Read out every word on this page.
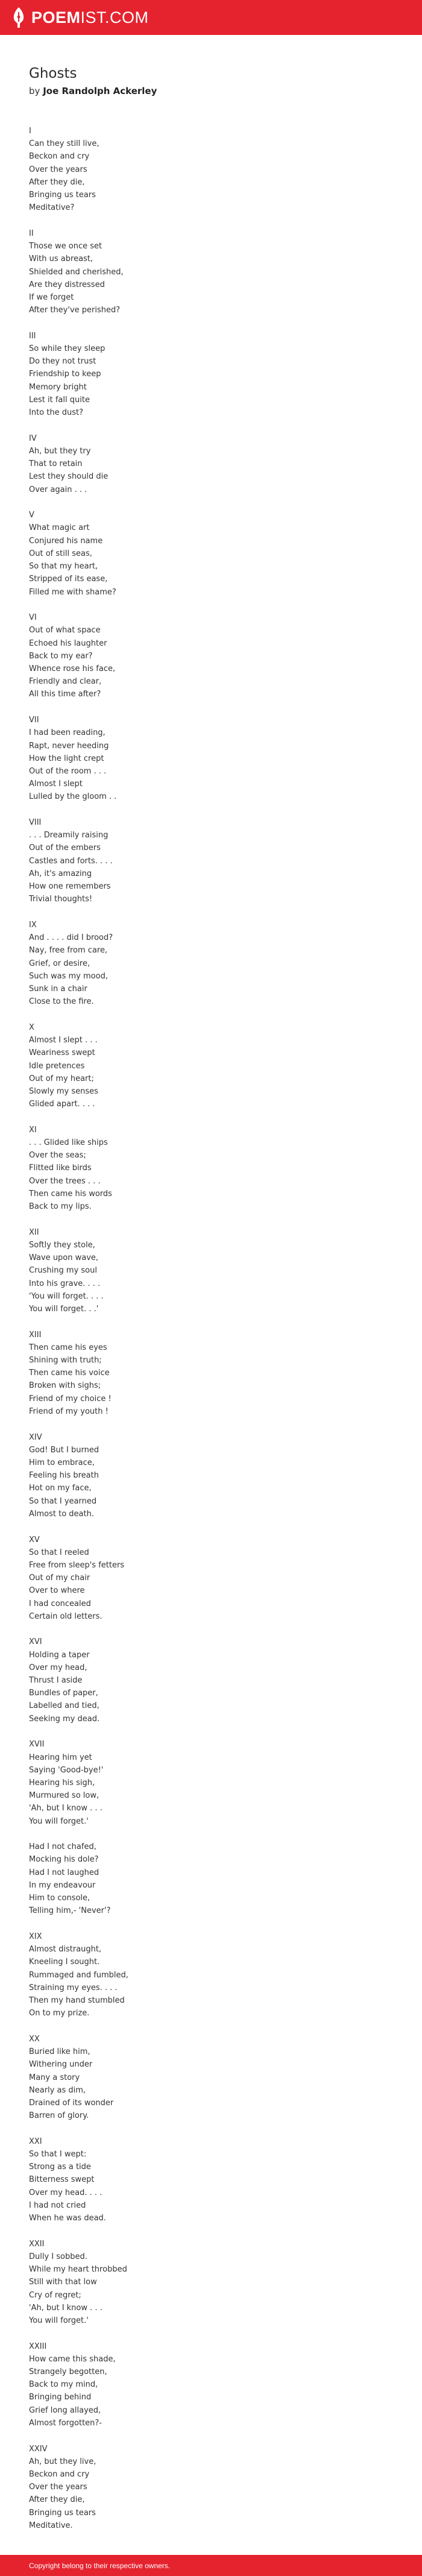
POEMIST.COM
Ghosts
by Joe Randolph Ackerley
I
Can they still live,
Beckon and cry
Over the years
After they die,
Bringing us tears
Meditative?
II
Those we once set
With us abreast,
Shielded and cherished,
Are they distressed
If we forget
After they've perished?
III
So while they sleep
Do they not trust
Friendship to keep
Memory bright
Lest it fall quite
Into the dust?
IV
Ah, but they try
That to retain
Lest they should die
Over again . . .
V
What magic art
Conjured his name
Out of still seas,
So that my heart,
Stripped of its ease,
Filled me with shame?
VI
Out of what space
Echoed his laughter
Back to my ear?
Whence rose his face,
Friendly and clear,
All this time after?
VII
I had been reading,
Rapt, never heeding
How the light crept
Out of the room . . .
Almost I slept
Lulled by the gloom . .
VIII
. . . Dreamily raising
Out of the embers
Castles and forts. . . .
Ah, it's amazing
How one remembers
Trivial thoughts!
IX
And . . . . did I brood?
Nay, free from care,
Grief, or desire,
Such was my mood,
Sunk in a chair
Close to the fire.
X
Almost I slept . . .
Weariness swept
Idle pretences
Out of my heart;
Slowly my senses
Glided apart. . . .
XI
. . . Glided like ships
Over the seas;
Flitted like birds
Over the trees . . .
Then came his words
Back to my lips.
XII
Softly they stole,
Wave upon wave,
Crushing my soul
Into his grave. . . .
'You will forget. . . .
You will forget. . .'
XIII
Then came his eyes
Shining with truth;
Then came his voice
Broken with sighs;
Friend of my choice !
Friend of my youth !
XIV
God! But I burned
Him to embrace,
Feeling his breath
Hot on my face,
So that I yearned
Almost to death.
XV
So that I reeled
Free from sleep's fetters
Out of my chair
Over to where
I had concealed
Certain old letters.
XVI
Holding a taper
Over my head,
Thrust I aside
Bundles of paper,
Labelled and tied,
Seeking my dead.
XVII
Hearing him yet
Saying 'Good-bye!'
Hearing his sigh,
Murmured so low,
'Ah, but I know . . .
You will forget.'
Had I not chafed,
Mocking his dole?
Had I not laughed
In my endeavour
Him to console,
Telling him,- 'Never'?
XIX
Almost distraught,
Kneeling I sought.
Rummaged and fumbled,
Straining my eyes. . . .
Then my hand stumbled
On to my prize.
XX
Buried like him,
Withering under
Many a story
Nearly as dim,
Drained of its wonder
Barren of glory.
XXI
So that I wept:
Strong as a tide
Bitterness swept
Over my head. . . .
I had not cried
When he was dead.
XXII
Dully I sobbed.
While my heart throbbed
Still with that low
Cry of regret;
'Ah, but I know . . .
You will forget.'
XXIII
How came this shade,
Strangely begotten,
Back to my mind,
Bringing behind
Grief long allayed,
Almost forgotten?-
XXIV
Ah, but they live,
Beckon and cry
Over the years
After they die,
Bringing us tears
Meditative.
Copyright belong to their respective owners.
